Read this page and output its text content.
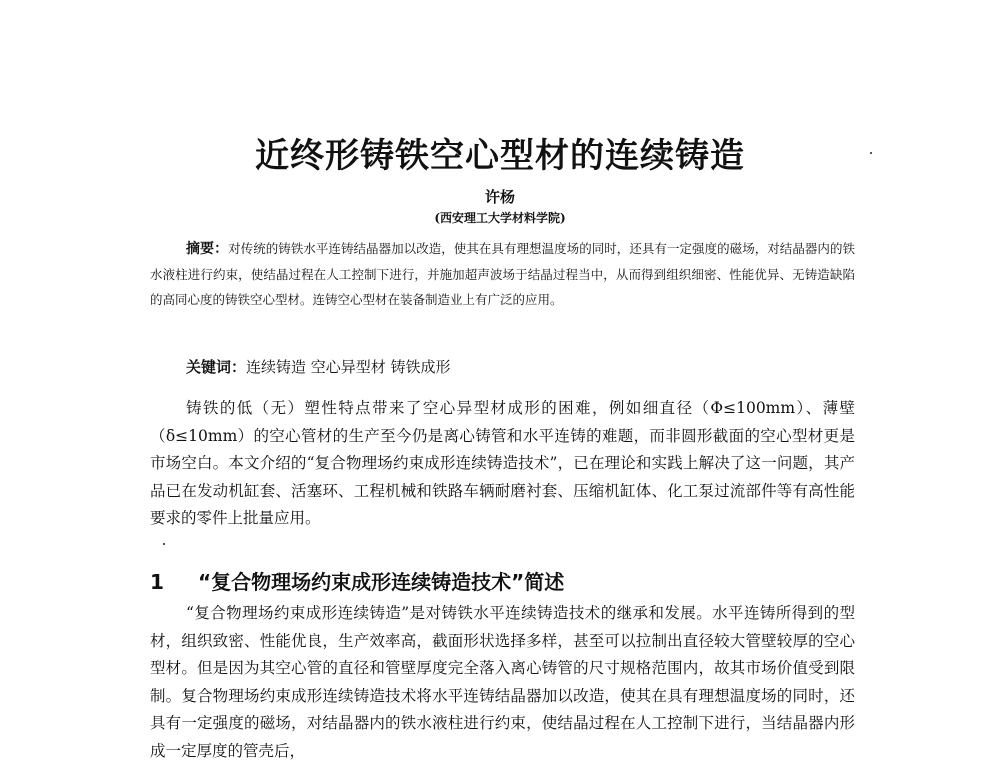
近终形铸铁空心型材的连续铸造
许杨
(西安理工大学材料学院)
摘要：对传统的铸铁水平连铸结晶器加以改造，使其在具有理想温度场的同时，还具有一定强度的磁场，对结晶器内的铁水液柱进行约束，使结晶过程在人工控制下进行，并施加超声波场于结晶过程当中，从而得到组织细密、性能优异、无铸造缺陷的高同心度的铸铁空心型材。连铸空心型材在装备制造业上有广泛的应用。
关键词：连续铸造 空心异型材 铸铁成形
铸铁的低（无）塑性特点带来了空心异型材成形的困难，例如细直径（Φ≤100mm）、薄壁（δ≤10mm）的空心管材的生产至今仍是离心铸管和水平连铸的难题，而非圆形截面的空心型材更是市场空白。本文介绍的“复合物理场约束成形连续铸造技术”，已在理论和实践上解决了这一问题，其产品已在发动机缸套、活塞环、工程机械和铁路车辆耐磨衬套、压缩机缸体、化工泵过流部件等有高性能要求的零件上批量应用。
1 “复合物理场约束成形连续铸造技术”简述
“复合物理场约束成形连续铸造”是对铸铁水平连续铸造技术的继承和发展。水平连铸所得到的型材，组织致密、性能优良，生产效率高，截面形状选择多样，甚至可以拉制出直径较大管壁较厚的空心型材。但是因为其空心管的直径和管壁厚度完全落入离心铸管的尺寸规格范围内，故其市场价值受到限制。复合物理场约束成形连续铸造技术将水平连铸结晶器加以改造，使其在具有理想温度场的同时，还具有一定强度的磁场，对结晶器内的铁水液柱进行约束，使结晶过程在人工控制下进行，当结晶器内形成一定厚度的管壳后，
